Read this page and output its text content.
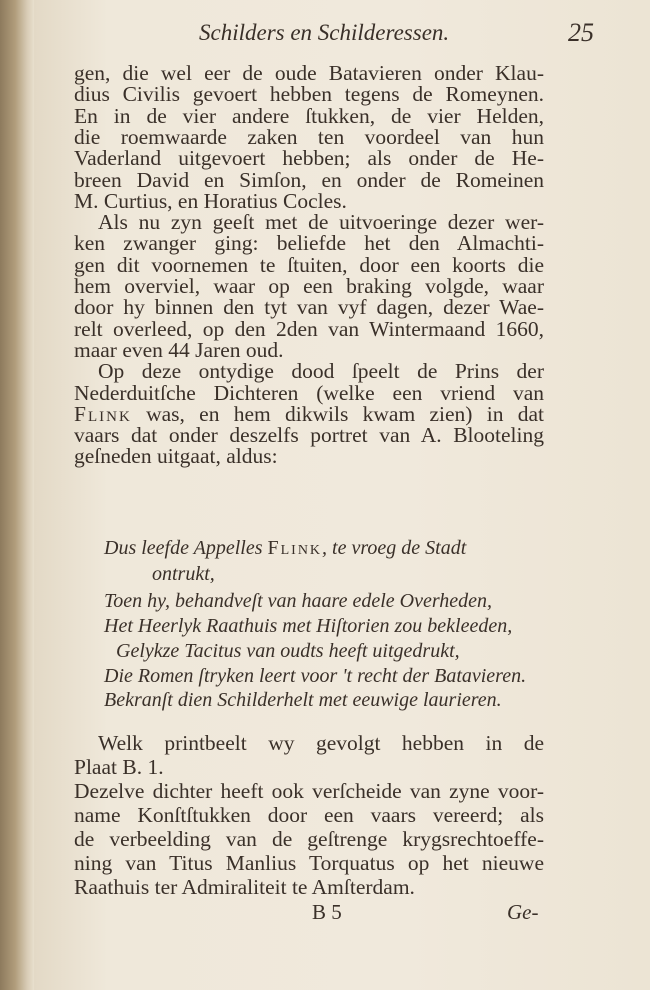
Schilders en Schilderessen.	25
gen, die wel eer de oude Batavieren onder Klau-
dius Civilis gevoert hebben tegens de Romeynen.
En in de vier andere ſtukken, de vier Helden,
die roemwaarde zaken ten voordeel van hun
Vaderland uitgevoert hebben; als onder de He-
breen David en Simſon, en onder de Romeinen
M. Curtius, en Horatius Cocles.
Als nu zyn geeſt met de uitvoeringe dezer wer-
ken zwanger ging: beliefde het den Almachti-
gen dit voornemen te ſtuiten, door een koorts die
hem overviel, waar op een braking volgde, waar
door hy binnen den tyt van vyf dagen, dezer Wae-
relt overleed, op den 2den van Wintermaand 1660,
maar even 44 Jaren oud.
Op deze ontydige dood ſpeelt de Prins der
Nederduitſche Dichteren (welke een vriend van
Flink was, en hem dikwils kwam zien) in dat
vaars dat onder deszelfs portret van A. Blooteling
geſneden uitgaat, aldus:
Dus leefde Appelles Flink, te vroeg de Stadt
ontrukt,
Toen hy, behandveſt van haare edele Overheden,
Het Heerlyk Raathuis met Hiſtorien zou bekleeden,
Gelykze Tacitus van oudts heeft uitgedrukt,
Die Romen ſtryken leert voor 't recht der Batavieren.
Bekranſt dien Schilderhelt met eeuwige laurieren.
Welk printbeelt wy gevolgt hebben in de
Plaat B. 1.
Dezelve dichter heeft ook verſcheide van zyne voor-
name Konſtſtukken door een vaars vereerd; als
de verbeelding van de geſtrenge krygsrechtoeffe-
ning van Titus Manlius Torquatus op het nieuwe
Raathuis ter Admiraliteit te Amſterdam.
B 5	Ge-
